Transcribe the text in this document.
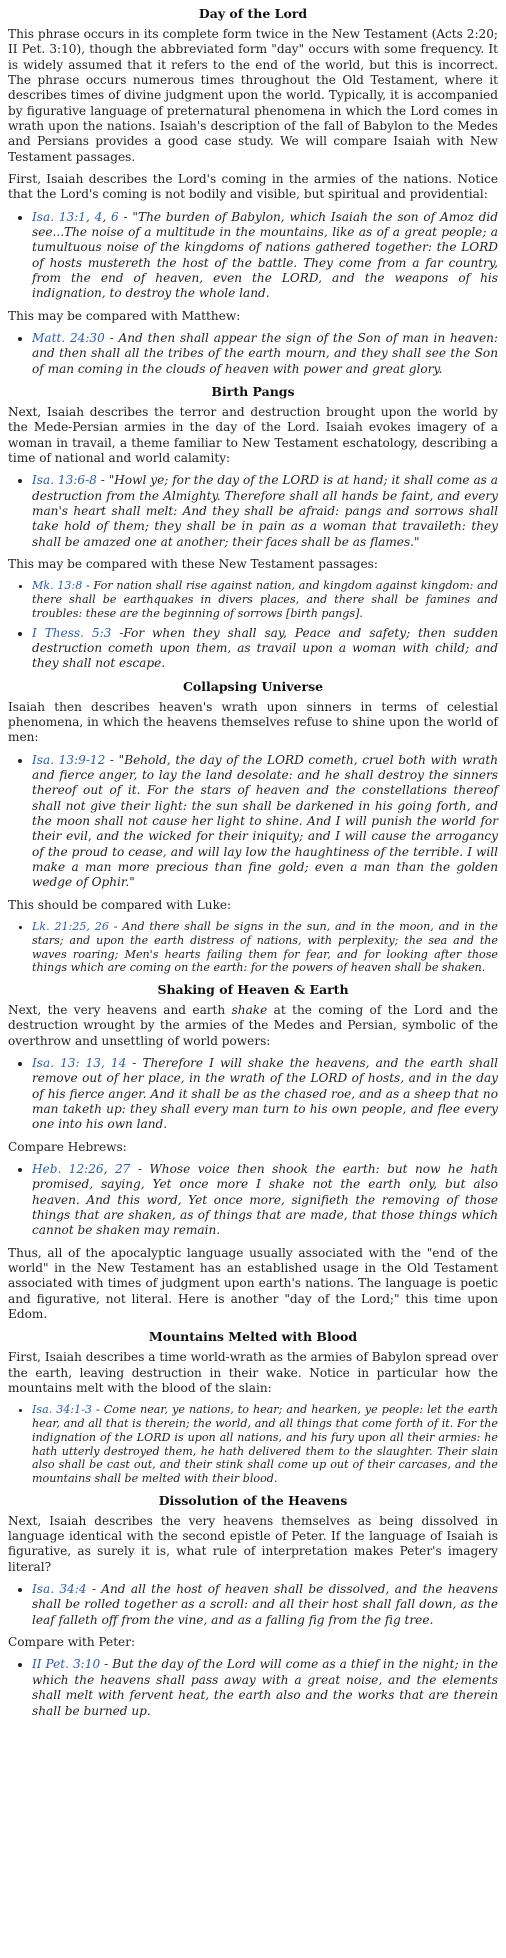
Day of the Lord

This phrase occurs in its complete form twice in the New Testament (Acts 2:20; II Pet. 3:10), though the abbreviated form "day" occurs with some frequency. It is widely assumed that it refers to the end of the world, but this is incorrect. The phrase occurs numerous times throughout the Old Testament, where it describes times of divine judgment upon the world. Typically, it is accompanied by figurative language of preternatural phenomena in which the Lord comes in wrath upon the nations. Isaiah's description of the fall of Babylon to the Medes and Persians provides a good case study. We will compare Isaiah with New Testament passages.

First, Isaiah describes the Lord's coming in the armies of the nations. Notice that the Lord's coming is not bodily and visible, but spiritual and providential:

• Isa. 13:1, 4, 6 - "The burden of Babylon, which Isaiah the son of Amoz did see...The noise of a multitude in the mountains, like as of a great people; a tumultuous noise of the kingdoms of nations gathered together: the LORD of hosts mustereth the host of the battle. They come from a far country, from the end of heaven, even the LORD, and the weapons of his indignation, to destroy the whole land.

This may be compared with Matthew:

• Matt. 24:30 - And then shall appear the sign of the Son of man in heaven: and then shall all the tribes of the earth mourn, and they shall see the Son of man coming in the clouds of heaven with power and great glory.
Birth Pangs

Next, Isaiah describes the terror and destruction brought upon the world by the Mede-Persian armies in the day of the Lord. Isaiah evokes imagery of a woman in travail, a theme familiar to New Testament eschatology, describing a time of national and world calamity:

• Isa. 13:6-8 - "Howl ye; for the day of the LORD is at hand; it shall come as a destruction from the Almighty. Therefore shall all hands be faint, and every man's heart shall melt: And they shall be afraid: pangs and sorrows shall take hold of them; they shall be in pain as a woman that travaileth: they shall be amazed one at another; their faces shall be as flames."

This may be compared with these New Testament passages:

• Mk. 13:8 - For nation shall rise against nation, and kingdom against kingdom: and there shall be earthquakes in divers places, and there shall be famines and troubles: these are the beginning of sorrows [birth pangs].
• I Thess. 5:3 -For when they shall say, Peace and safety; then sudden destruction cometh upon them, as travail upon a woman with child; and they shall not escape.
Collapsing Universe

Isaiah then describes heaven's wrath upon sinners in terms of celestial phenomena, in which the heavens themselves refuse to shine upon the world of men:

• Isa. 13:9-12 - "Behold, the day of the LORD cometh, cruel both with wrath and fierce anger, to lay the land desolate: and he shall destroy the sinners thereof out of it. For the stars of heaven and the constellations thereof shall not give their light: the sun shall be darkened in his going forth, and the moon shall not cause her light to shine. And I will punish the world for their evil, and the wicked for their iniquity; and I will cause the arrogancy of the proud to cease, and will lay low the haughtiness of the terrible. I will make a man more precious than fine gold; even a man than the golden wedge of Ophir."

This should be compared with Luke:

• Lk. 21:25, 26 - And there shall be signs in the sun, and in the moon, and in the stars; and upon the earth distress of nations, with perplexity; the sea and the waves roaring; Men's hearts failing them for fear, and for looking after those things which are coming on the earth: for the powers of heaven shall be shaken.
Shaking of Heaven & Earth

Next, the very heavens and earth shake at the coming of the Lord and the destruction wrought by the armies of the Medes and Persian, symbolic of the overthrow and unsettling of world powers:

• Isa. 13: 13, 14 - Therefore I will shake the heavens, and the earth shall remove out of her place, in the wrath of the LORD of hosts, and in the day of his fierce anger. And it shall be as the chased roe, and as a sheep that no man taketh up: they shall every man turn to his own people, and flee every one into his own land.

Compare Hebrews:

• Heb. 12:26, 27 - Whose voice then shook the earth: but now he hath promised, saying, Yet once more I shake not the earth only, but also heaven. And this word, Yet once more, signifieth the removing of those things that are shaken, as of things that are made, that those things which cannot be shaken may remain.

Thus, all of the apocalyptic language usually associated with the "end of the world" in the New Testament has an established usage in the Old Testament associated with times of judgment upon earth's nations. The language is poetic and figurative, not literal. Here is another "day of the Lord;" this time upon Edom.

Mountains Melted with Blood

First, Isaiah describes a time world-wrath as the armies of Babylon spread over the earth, leaving destruction in their wake. Notice in particular how the mountains melt with the blood of the slain:

• Isa. 34:1-3 - Come near, ye nations, to hear; and hearken, ye people: let the earth hear, and all that is therein; the world, and all things that come forth of it. For the indignation of the LORD is upon all nations, and his fury upon all their armies: he hath utterly destroyed them, he hath delivered them to the slaughter. Their slain also shall be cast out, and their stink shall come up out of their carcases, and the mountains shall be melted with their blood.
Dissolution of the Heavens

Next, Isaiah describes the very heavens themselves as being dissolved in language identical with the second epistle of Peter. If the language of Isaiah is figurative, as surely it is, what rule of interpretation makes Peter's imagery literal?

• Isa. 34:4 - And all the host of heaven shall be dissolved, and the heavens shall be rolled together as a scroll: and all their host shall fall down, as the leaf falleth off from the vine, and as a falling fig from the fig tree.

Compare with Peter:

• II Pet. 3:10 - But the day of the Lord will come as a thief in the night; in the which the heavens shall pass away with a great noise, and the elements shall melt with fervent heat, the earth also and the works that are therein shall be burned up.
